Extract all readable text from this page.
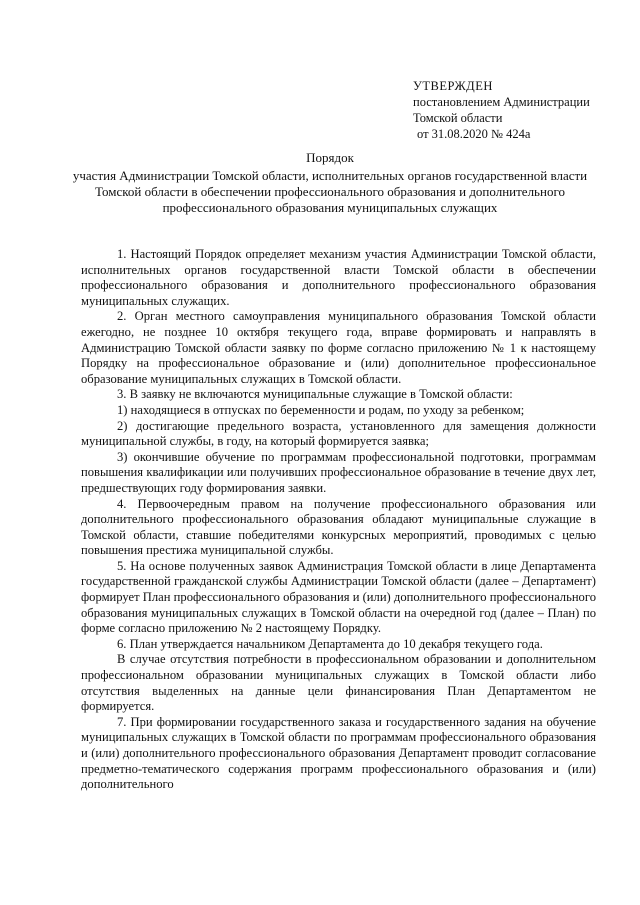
УТВЕРЖДЕН
постановлением Администрации
Томской области
от 31.08.2020 № 424а
Порядок
участия Администрации Томской области, исполнительных органов государственной власти Томской области в обеспечении профессионального образования и дополнительного профессионального образования муниципальных служащих

1. Настоящий Порядок определяет механизм участия Администрации Томской области, исполнительных органов государственной власти Томской области в обеспечении профессионального образования и дополнительного профессионального образования муниципальных служащих.

2. Орган местного самоуправления муниципального образования Томской области ежегодно, не позднее 10 октября текущего года, вправе формировать и направлять в Администрацию Томской области заявку по форме согласно приложению № 1 к настоящему Порядку на профессиональное образование и (или) дополнительное профессиональное образование муниципальных служащих в Томской области.

3. В заявку не включаются муниципальные служащие в Томской области:

1) находящиеся в отпусках по беременности и родам, по уходу за ребенком;

2) достигающие предельного возраста, установленного для замещения должности муниципальной службы, в году, на который формируется заявка;

3) окончившие обучение по программам профессиональной подготовки, программам повышения квалификации или получивших профессиональное образование в течение двух лет, предшествующих году формирования заявки.

4. Первоочередным правом на получение профессионального образования или дополнительного профессионального образования обладают муниципальные служащие в Томской области, ставшие победителями конкурсных мероприятий, проводимых с целью повышения престижа муниципальной службы.

5. На основе полученных заявок Администрация Томской области в лице Департамента государственной гражданской службы Администрации Томской области (далее – Департамент) формирует План профессионального образования и (или) дополнительного профессионального образования муниципальных служащих в Томской области на очередной год (далее – План) по форме согласно приложению № 2 настоящему Порядку.

6. План утверждается начальником Департамента до 10 декабря текущего года.

В случае отсутствия потребности в профессиональном образовании и дополнительном профессиональном образовании муниципальных служащих в Томской области либо отсутствия выделенных на данные цели финансирования План Департаментом не формируется.

7. При формировании государственного заказа и государственного задания на обучение муниципальных служащих в Томской области по программам профессионального образования и (или) дополнительного профессионального образования Департамент проводит согласование предметно-тематического содержания программ профессионального образования и (или) дополнительного
